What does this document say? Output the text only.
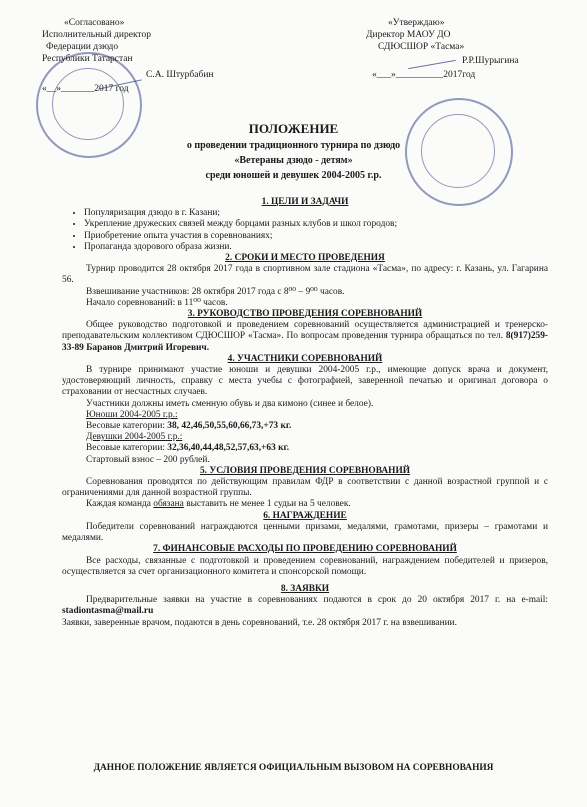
«Согласовано»
Исполнительный директор
Федерации дзюдо
Республики Татарстан
С.А. Штурбабин
«__»_______2017 год
«Утверждаю»
Директор МАОУ ДО
СДЮСШОР «Тасма»
Р.Р.Шурыгина
«___»__________2017год
ПОЛОЖЕНИЕ
о проведении традиционного турнира по дзюдо
«Ветераны дзюдо - детям»
среди юношей и девушек 2004-2005 г.р.

1. ЦЕЛИ И ЗАДАЧИ

• Популяризация дзюдо в г. Казани;
• Укрепление дружеских связей между борцами разных клубов и школ городов;
• Приобретение опыта участия в соревнованиях;
• Пропаганда здорового образа жизни.

2. СРОКИ И МЕСТО ПРОВЕДЕНИЯ

Турнир проводится 28 октября 2017 года в спортивном зале стадиона «Тасма», по адресу: г. Казань, ул. Гагарина 56.

Взвешивание участников: 28 октября 2017 года с 8⁰⁰ – 9⁰⁰ часов.

Начало соревнований: в 11⁰⁰ часов.

3. РУКОВОДСТВО ПРОВЕДЕНИЯ СОРЕВНОВАНИЙ

Общее руководство подготовкой и проведением соревнований осуществляется администрацией и тренерско-преподавательским коллективом СДЮСШОР «Тасма». По вопросам проведения турнира обращаться по тел. 8(917)259-33-89 Баранов Дмитрий Игоревич.

4. УЧАСТНИКИ СОРЕВНОВАНИЙ

В турнире принимают участие юноши и девушки 2004-2005 г.р., имеющие допуск врача и документ, удостоверяющий личность, справку с места учебы с фотографией, заверенной печатью и оригинал договора о страховании от несчастных случаев.

Участники должны иметь сменную обувь и два кимоно (синее и белое).

Юноши 2004-2005 г.р.:

Весовые категории: 38, 42,46,50,55,60,66,73,+73 кг.

Девушки 2004-2005 г.р.:

Весовые категории: 32,36,40,44,48,52,57,63,+63 кг.

Стартовый взнос – 200 рублей.

5. УСЛОВИЯ ПРОВЕДЕНИЯ СОРЕВНОВАНИЙ

Соревнования проводятся по действующим правилам ФДР в соответствии с данной возрастной группой и с ограничениями для данной возрастной группы.

Каждая команда обязана выставить не менее 1 судьи на 5 человек.

6. НАГРАЖДЕНИЕ

Победители соревнований награждаются ценными призами, медалями, грамотами, призеры – грамотами и медалями.

7. ФИНАНСОВЫЕ РАСХОДЫ ПО ПРОВЕДЕНИЮ СОРЕВНОВАНИЙ

Все расходы, связанные с подготовкой и проведением соревнований, награждением победителей и призеров, осуществляется за счет организационного комитета и спонсорской помощи.

8. ЗАЯВКИ

Предварительные заявки на участие в соревнованиях подаются в срок до 20 октября 2017 г. на e-mail: stadiontasma@mail.ru

Заявки, заверенные врачом, подаются в день соревнований, т.е. 28 октября 2017 г. на взвешивании.

ДАННОЕ ПОЛОЖЕНИЕ ЯВЛЯЕТСЯ ОФИЦИАЛЬНЫМ ВЫЗОВОМ НА СОРЕВНОВАНИЯ
